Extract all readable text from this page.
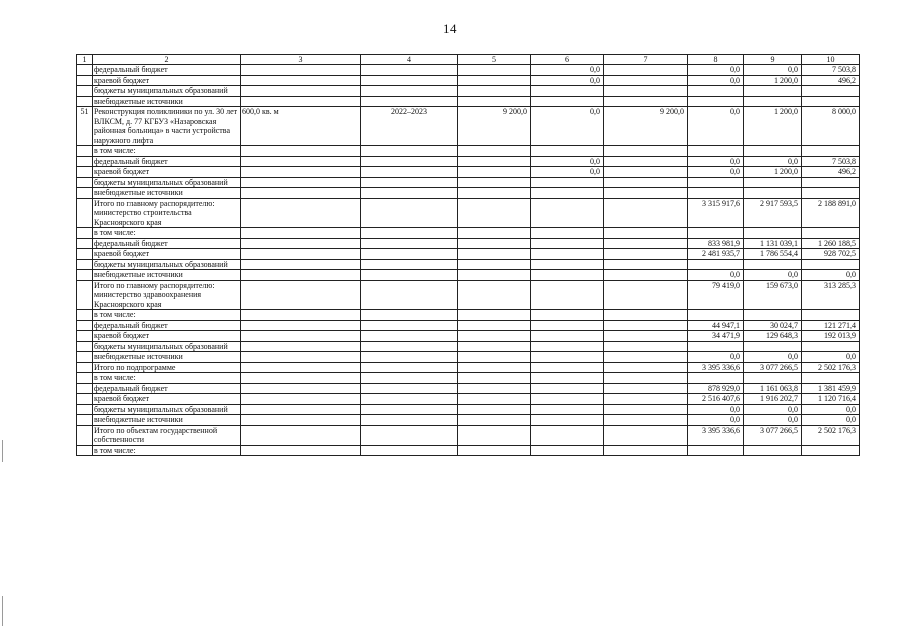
14
1	2	3	4	5	6	7	8	9	10
	федеральный бюджет				0,0		0,0	0,0	7 503,8
	краевой бюджет				0,0		0,0	1 200,0	496,2
	бюджеты муниципальных образований								
	внебюджетные источники								
51	Реконструкция поликлиники по ул. 30 лет ВЛКСМ, д. 77 КГБУЗ «Назаровская районная больница» в части устройства наружного лифта	600,0 кв. м	2022–2023	9 200,0	0,0	9 200,0	0,0	1 200,0	8 000,0
	в том числе:								
	федеральный бюджет				0,0		0,0	0,0	7 503,8
	краевой бюджет				0,0		0,0	1 200,0	496,2
	бюджеты муниципальных образований								
	внебюджетные источники								
	Итого по главному распорядителю: министерство строительства Красноярского края						3 315 917,6	2 917 593,5	2 188 891,0
	в том числе:								
	федеральный бюджет						833 981,9	1 131 039,1	1 260 188,5
	краевой бюджет						2 481 935,7	1 786 554,4	928 702,5
	бюджеты муниципальных образований								
	внебюджетные источники						0,0	0,0	0,0
	Итого по главному распорядителю: министерство здравоохранения Красноярского края						79 419,0	159 673,0	313 285,3
	в том числе:								
	федеральный бюджет						44 947,1	30 024,7	121 271,4
	краевой бюджет						34 471,9	129 648,3	192 013,9
	бюджеты муниципальных образований								
	внебюджетные источники						0,0	0,0	0,0
	Итого по подпрограмме						3 395 336,6	3 077 266,5	2 502 176,3
	в том числе:								
	федеральный бюджет						878 929,0	1 161 063,8	1 381 459,9
	краевой бюджет						2 516 407,6	1 916 202,7	1 120 716,4
	бюджеты муниципальных образований						0,0	0,0	0,0
	внебюджетные источники						0,0	0,0	0,0
	Итого по объектам государственной собственности						3 395 336,6	3 077 266,5	2 502 176,3
	в том числе:								
